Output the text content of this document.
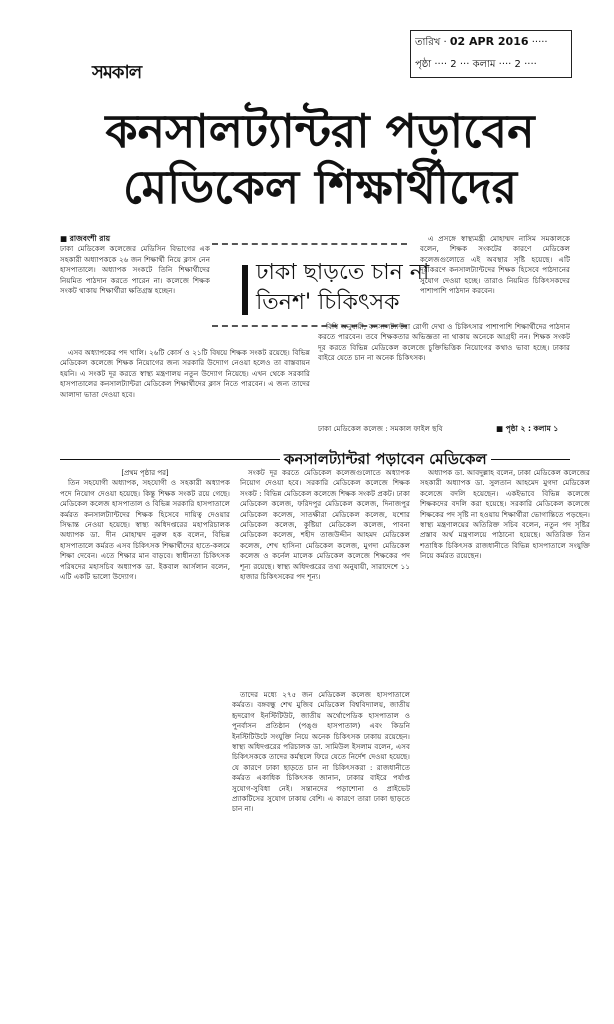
সমকাল
তারিখ · 02 APR 2016 ·····
পৃষ্ঠা ···· 2 ··· কলাম ···· 2 ····
কনসালট্যান্টরা পড়াবেন
মেডিকেল শিক্ষার্থীদের
■ রাজবংশী রায়

ঢাকা মেডিকেল কলেজের মেডিসিন বিভাগের এক সহকারী অধ্যাপককে ২৬ জন শিক্ষার্থী নিয়ে ক্লাস নেন হাসপাতালে। অধ্যাপক সংকটে তিনি শিক্ষার্থীদের নিয়মিত পাঠদান করতে পারেন না। কলেজে শিক্ষক সংকট থাকায় শিক্ষার্থীরা ক্ষতিগ্রস্ত হচ্ছেন।

ঢাকা ছাড়তে চান না
তিনশ' চিকিৎসক

এ প্রসঙ্গে স্বাস্থ্যমন্ত্রী মোহাম্মদ নাসিম সমকালকে বলেন, শিক্ষক সংকটের কারণে মেডিকেল কলেজগুলোতে এই অবস্থার সৃষ্টি হয়েছে। এটি দূরীকরণে কনসালট্যান্টদের শিক্ষক হিসেবে পাঠদানের সুযোগ দেওয়া হচ্ছে। তারাও নিয়মিত চিকিৎসকদের পাশাপাশি পাঠদান করবেন।

এসব অধ্যাপকের পদ খালি। ২৬টি কোর্স ও ২১টি বিষয়ে শিক্ষক সংকট রয়েছে। বিভিন্ন মেডিকেল কলেজে শিক্ষক নিয়োগের জন্য সরকারি উদ্যোগ নেওয়া হলেও তা বাস্তবায়ন হয়নি। এ সংকট দূর করতে স্বাস্থ্য মন্ত্রণালয় নতুন উদ্যোগ নিয়েছে। এখন থেকে সরকারি হাসপাতালের কনসালট্যান্টরা মেডিকেল শিক্ষার্থীদের ক্লাস নিতে পারবেন। এ জন্য তাদের আলাদা ভাতা দেওয়া হবে।

বিধি অনুযায়ী, কনসালট্যান্টরা রোগী দেখা ও চিকিৎসার পাশাপাশি শিক্ষার্থীদের পাঠদান করতে পারবেন। তবে শিক্ষকতার অভিজ্ঞতা না থাকায় অনেকে আগ্রহী নন। শিক্ষক সংকট দূর করতে বিভিন্ন মেডিকেল কলেজে চুক্তিভিত্তিক নিয়োগের কথাও ভাবা হচ্ছে। ঢাকার বাইরে যেতে চান না অনেক চিকিৎসক।

ঢাকা মেডিকেল কলেজ : সমকাল ফাইল ছবি	■ পৃষ্ঠা ২ : কলাম ১
কনসালট্যান্টরা পড়াবেন মেডিকেল
[প্রথম পৃষ্ঠার পর]

তিন সহযোগী অধ্যাপক, সহযোগী ও সহকারী অধ্যাপক পদে নিয়োগ দেওয়া হয়েছে। কিন্তু শিক্ষক সংকট রয়ে গেছে। মেডিকেল কলেজ হাসপাতাল ও বিভিন্ন সরকারি হাসপাতালে কর্মরত কনসালট্যান্টদের শিক্ষক হিসেবে দায়িত্ব দেওয়ার সিদ্ধান্ত নেওয়া হয়েছে। স্বাস্থ্য অধিদপ্তরের মহাপরিচালক অধ্যাপক ডা. দীন মোহাম্মদ নুরুল হক বলেন, বিভিন্ন হাসপাতালে কর্মরত এসব চিকিৎসক শিক্ষার্থীদের হাতে-কলমে শিক্ষা দেবেন। এতে শিক্ষার মান বাড়বে। স্বাধীনতা চিকিৎসক পরিষদের মহাসচিব অধ্যাপক ডা. ইকবাল আর্সলান বলেন, এটি একটি ভালো উদ্যোগ।

সংকট দূর করতে মেডিকেল কলেজগুলোতে অধ্যাপক নিয়োগ দেওয়া হবে। সরকারি মেডিকেল কলেজে শিক্ষক সংকট : বিভিন্ন মেডিকেল কলেজে শিক্ষক সংকট প্রকট। ঢাকা মেডিকেল কলেজ, ফরিদপুর মেডিকেল কলেজ, দিনাজপুর মেডিকেল কলেজ, সাতক্ষীরা মেডিকেল কলেজ, যশোর মেডিকেল কলেজ, কুষ্টিয়া মেডিকেল কলেজ, পাবনা মেডিকেল কলেজ, শহীদ তাজউদ্দীন আহমদ মেডিকেল কলেজ, শেখ হাসিনা মেডিকেল কলেজ, মুগদা মেডিকেল কলেজ ও কর্নেল মালেক মেডিকেল কলেজে শিক্ষকের পদ শূন্য রয়েছে। স্বাস্থ্য অধিদপ্তরের তথ্য অনুযায়ী, সারাদেশে ১১ হাজার চিকিৎসকের পদ শূন্য।

অধ্যাপক ডা. আবদুল্লাহ বলেন, ঢাকা মেডিকেল কলেজের সহকারী অধ্যাপক ডা. সুলতান আহমেদ মুগদা মেডিকেল কলেজে বদলি হয়েছেন। একইভাবে বিভিন্ন কলেজে শিক্ষকদের বদলি করা হয়েছে। সরকারি মেডিকেল কলেজে শিক্ষকের পদ সৃষ্টি না হওয়ায় শিক্ষার্থীরা ভোগান্তিতে পড়ছেন। স্বাস্থ্য মন্ত্রণালয়ের অতিরিক্ত সচিব বলেন, নতুন পদ সৃষ্টির প্রস্তাব অর্থ মন্ত্রণালয়ে পাঠানো হয়েছে। অতিরিক্ত তিন শতাধিক চিকিৎসক রাজধানীতে বিভিন্ন হাসপাতালে সংযুক্তি নিয়ে কর্মরত রয়েছেন।

তাদের মধ্যে ২৭৫ জন মেডিকেল কলেজ হাসপাতালে কর্মরত। বঙ্গবন্ধু শেখ মুজিব মেডিকেল বিশ্ববিদ্যালয়, জাতীয় হৃদরোগ ইনস্টিটিউট, জাতীয় অর্থোপেডিক হাসপাতাল ও পুনর্বাসন প্রতিষ্ঠান (পঙ্গু হাসপাতাল) এবং কিডনি ইনস্টিটিউটে সংযুক্তি নিয়ে অনেক চিকিৎসক ঢাকায় রয়েছেন। স্বাস্থ্য অধিদপ্তরের পরিচালক ডা. সামিউল ইসলাম বলেন, এসব চিকিৎসককে তাদের কর্মস্থলে ফিরে যেতে নির্দেশ দেওয়া হয়েছে। যে কারণে ঢাকা ছাড়তে চান না চিকিৎসকরা : রাজধানীতে কর্মরত একাধিক চিকিৎসক জানান, ঢাকার বাইরে পর্যাপ্ত সুযোগ-সুবিধা নেই। সন্তানদের পড়াশোনা ও প্রাইভেট প্র্যাকটিসের সুযোগ ঢাকায় বেশি। এ কারণে তারা ঢাকা ছাড়তে চান না।
